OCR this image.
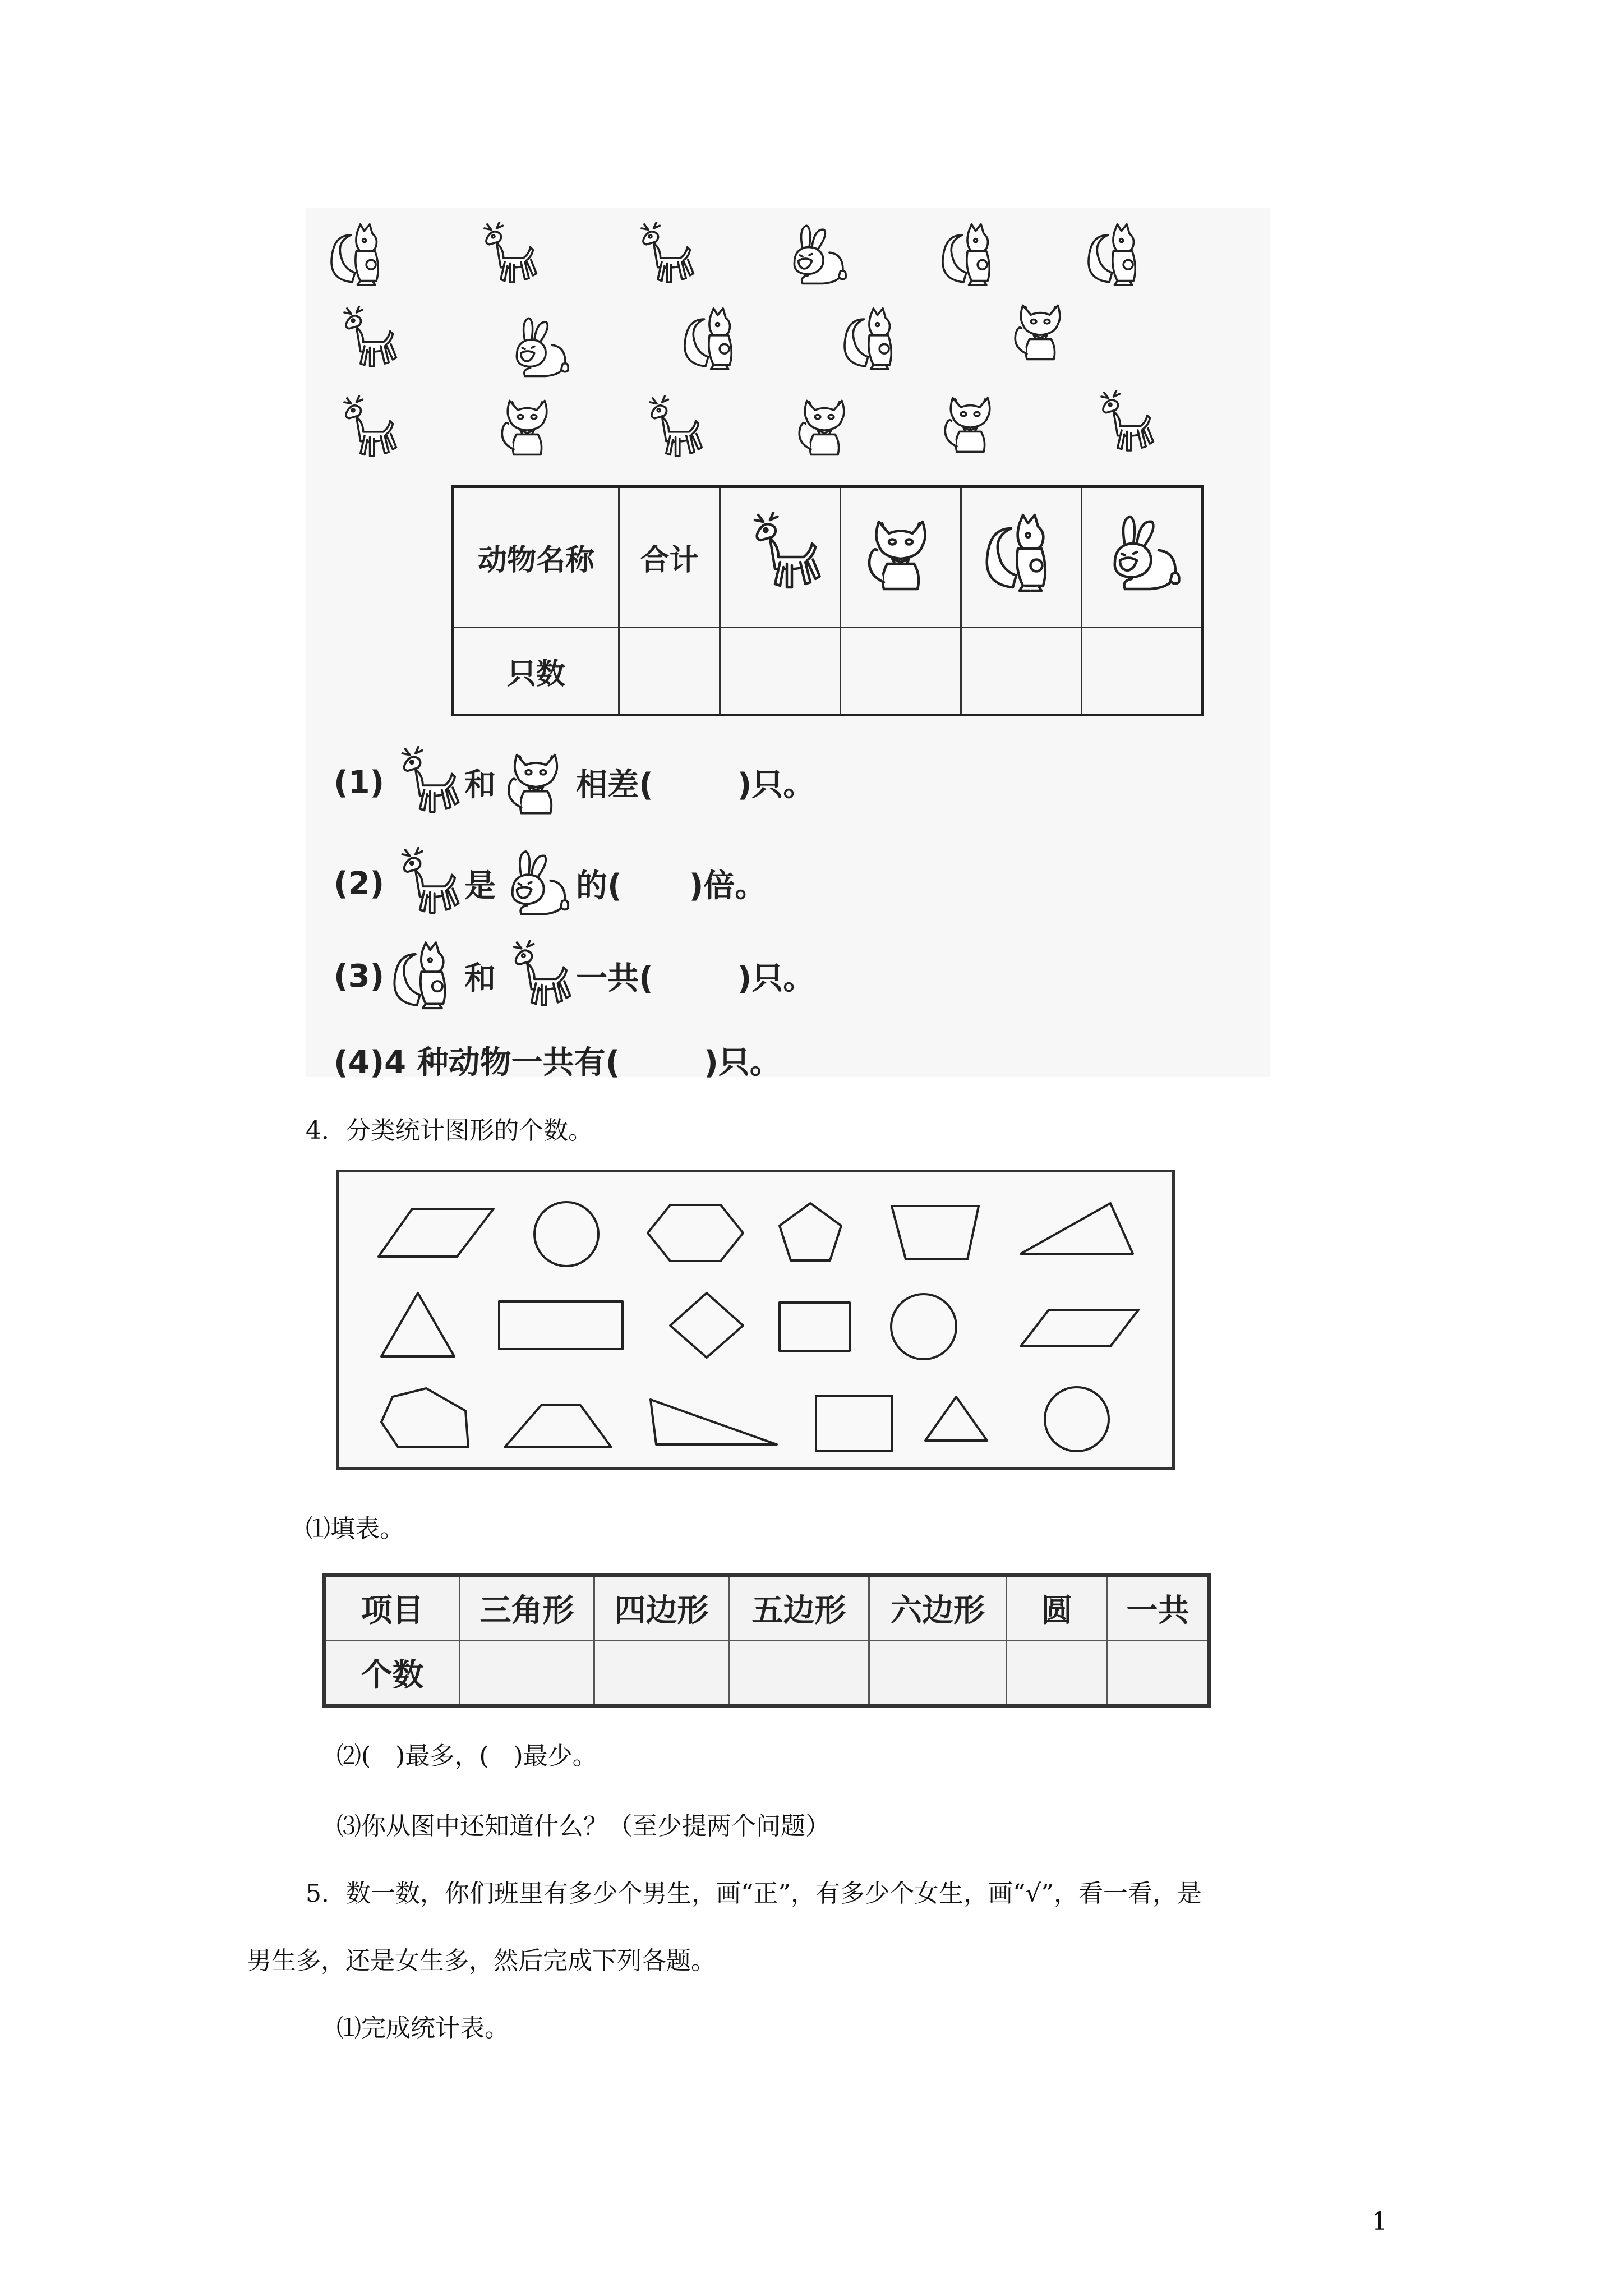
动物名称	合计				
只数					
(1)	和	相差(	)只。
(2)	是	的( )倍。
(3)	和	一共(	)只。
(4)4 种动物一共有(	)只。
4．分类统计图形的个数。
⑴填表。
项目	三角形	四边形	五边形	六边形	圆	一共
个数						
⑵(　)最多，(　)最少。
⑶你从图中还知道什么？（至少提两个问题）
5．数一数，你们班里有多少个男生，画“正”，有多少个女生，画“√”，看一看，是
男生多，还是女生多，然后完成下列各题。
⑴完成统计表。
1
